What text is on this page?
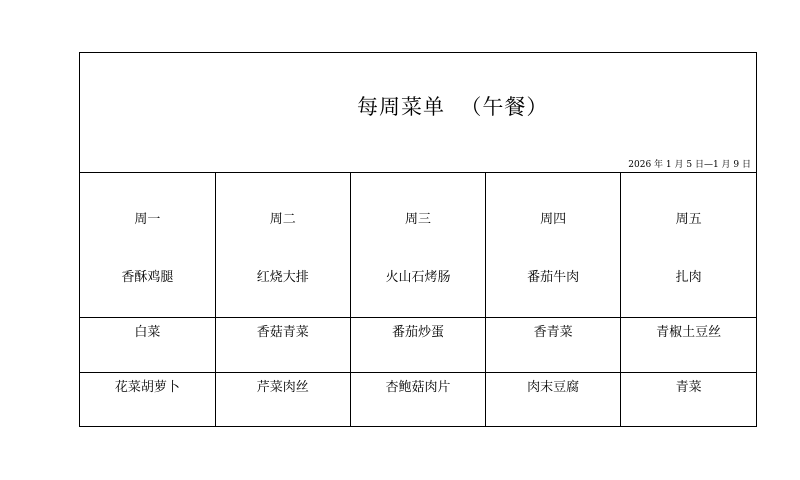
每周菜单  （午餐）
2026 年 1 月 5 日—1 月 9 日
周一	周二	周三	周四	周五
香酥鸡腿	红烧大排	火山石烤肠	番茄牛肉	扎肉
白菜	香菇青菜	番茄炒蛋	香青菜	青椒土豆丝
花菜胡萝卜	芹菜肉丝	杏鲍菇肉片	肉末豆腐	青菜
